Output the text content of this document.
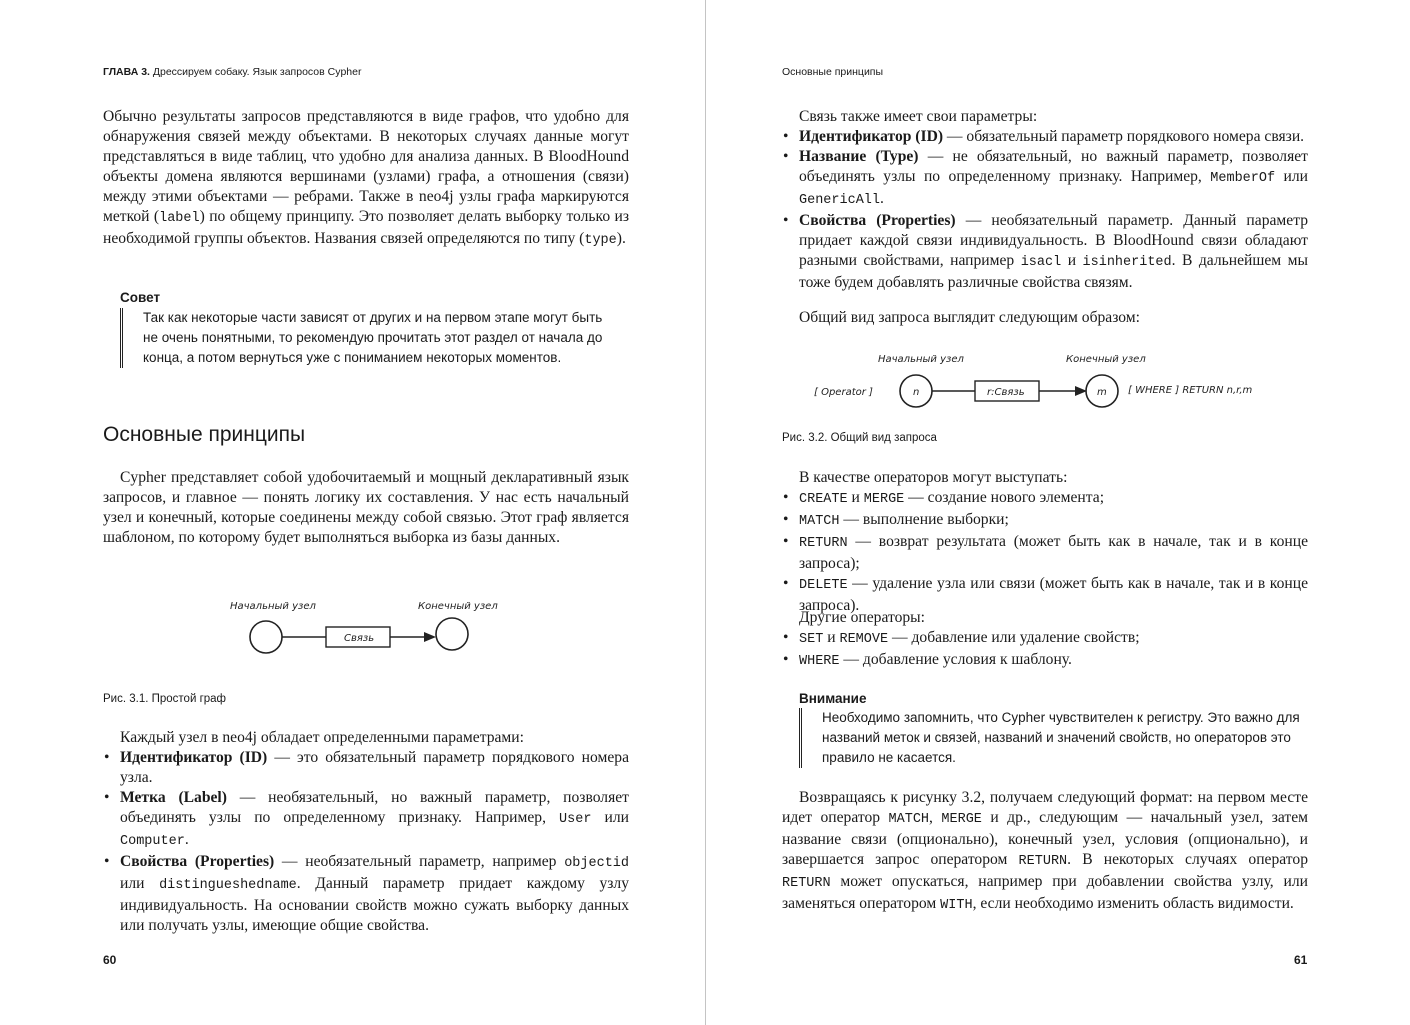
ГЛАВА 3. Дрессируем собаку. Язык запросов Cypher

Обычно результаты запросов представляются в виде графов, что удобно для обнаружения связей между объектами. В некоторых случаях данные могут представляться в виде таблиц, что удобно для анализа данных. В BloodHound объекты домена являются вершинами (узлами) графа, а отношения (связи) между этими объектами — ребрами. Также в neo4j узлы графа маркируются меткой (label) по общему принципу. Это позволяет делать выборку только из необходимой группы объектов. Названия связей определяются по типу (type).

Совет
Так как некоторые части зависят от других и на первом этапе могут быть не очень понятными, то рекомендую прочитать этот раздел от начала до конца, а потом вернуться уже с пониманием некоторых моментов.
Основные принципы

Cypher представляет собой удобочитаемый и мощный декларативный язык запросов, и главное — понять логику их составления. У нас есть начальный узел и конечный, которые соединены между собой связью. Этот граф является шаблоном, по которому будет выполняться выборка из базы данных.

Начальный узел	Конечный узел
Связь
Рис. 3.1. Простой граф

Каждый узел в neo4j обладает определенными параметрами:

• Идентификатор (ID) — это обязательный параметр порядкового номера узла.
• Метка (Label) — необязательный, но важный параметр, позволяет объединять узлы по определенному признаку. Например, User или Computer.
• Свойства (Properties) — необязательный параметр, например objectid или distingueshedname. Данный параметр придает каждому узлу индивидуальность. На основании свойств можно сужать выборку данных или получать узлы, имеющие общие свойства.
60
Основные принципы

Связь также имеет свои параметры:

• Идентификатор (ID) — обязательный параметр порядкового номера связи.
• Название (Type) — не обязательный, но важный параметр, позволяет объединять узлы по определенному признаку. Например, MemberOf или GenericAll.
• Свойства (Properties) — необязательный параметр. Данный параметр придает каждой связи индивидуальность. В BloodHound связи обладают разными свойствами, например isacl и isinherited. В дальнейшем мы тоже будем добавлять различные свойства связям.

Общий вид запроса выглядит следующим образом:

Начальный узел	Конечный узел
[ Operator ]	n	r:Связь	m [ WHERE ] RETURN n,r,m
Рис. 3.2. Общий вид запроса

В качестве операторов могут выступать:

• CREATE и MERGE — создание нового элемента;
• MATCH — выполнение выборки;
• RETURN — возврат результата (может быть как в начале, так и в конце запроса);
• DELETE — удаление узла или связи (может быть как в начале, так и в конце запроса).

Другие операторы:

• SET и REMOVE — добавление или удаление свойств;
• WHERE — добавление условия к шаблону.
Внимание
Необходимо запомнить, что Cypher чувствителен к регистру. Это важно для названий меток и связей, названий и значений свойств, но операторов это правило не касается.

Возвращаясь к рисунку 3.2, получаем следующий формат: на первом месте идет оператор MATCH, MERGE и др., следующим — начальный узел, затем название связи (опционально), конечный узел, условия (опционально), и завершается запрос оператором RETURN. В некоторых случаях оператор RETURN может опускаться, например при добавлении свойства узлу, или заменяться оператором WITH, если необходимо изменить область видимости.

61
